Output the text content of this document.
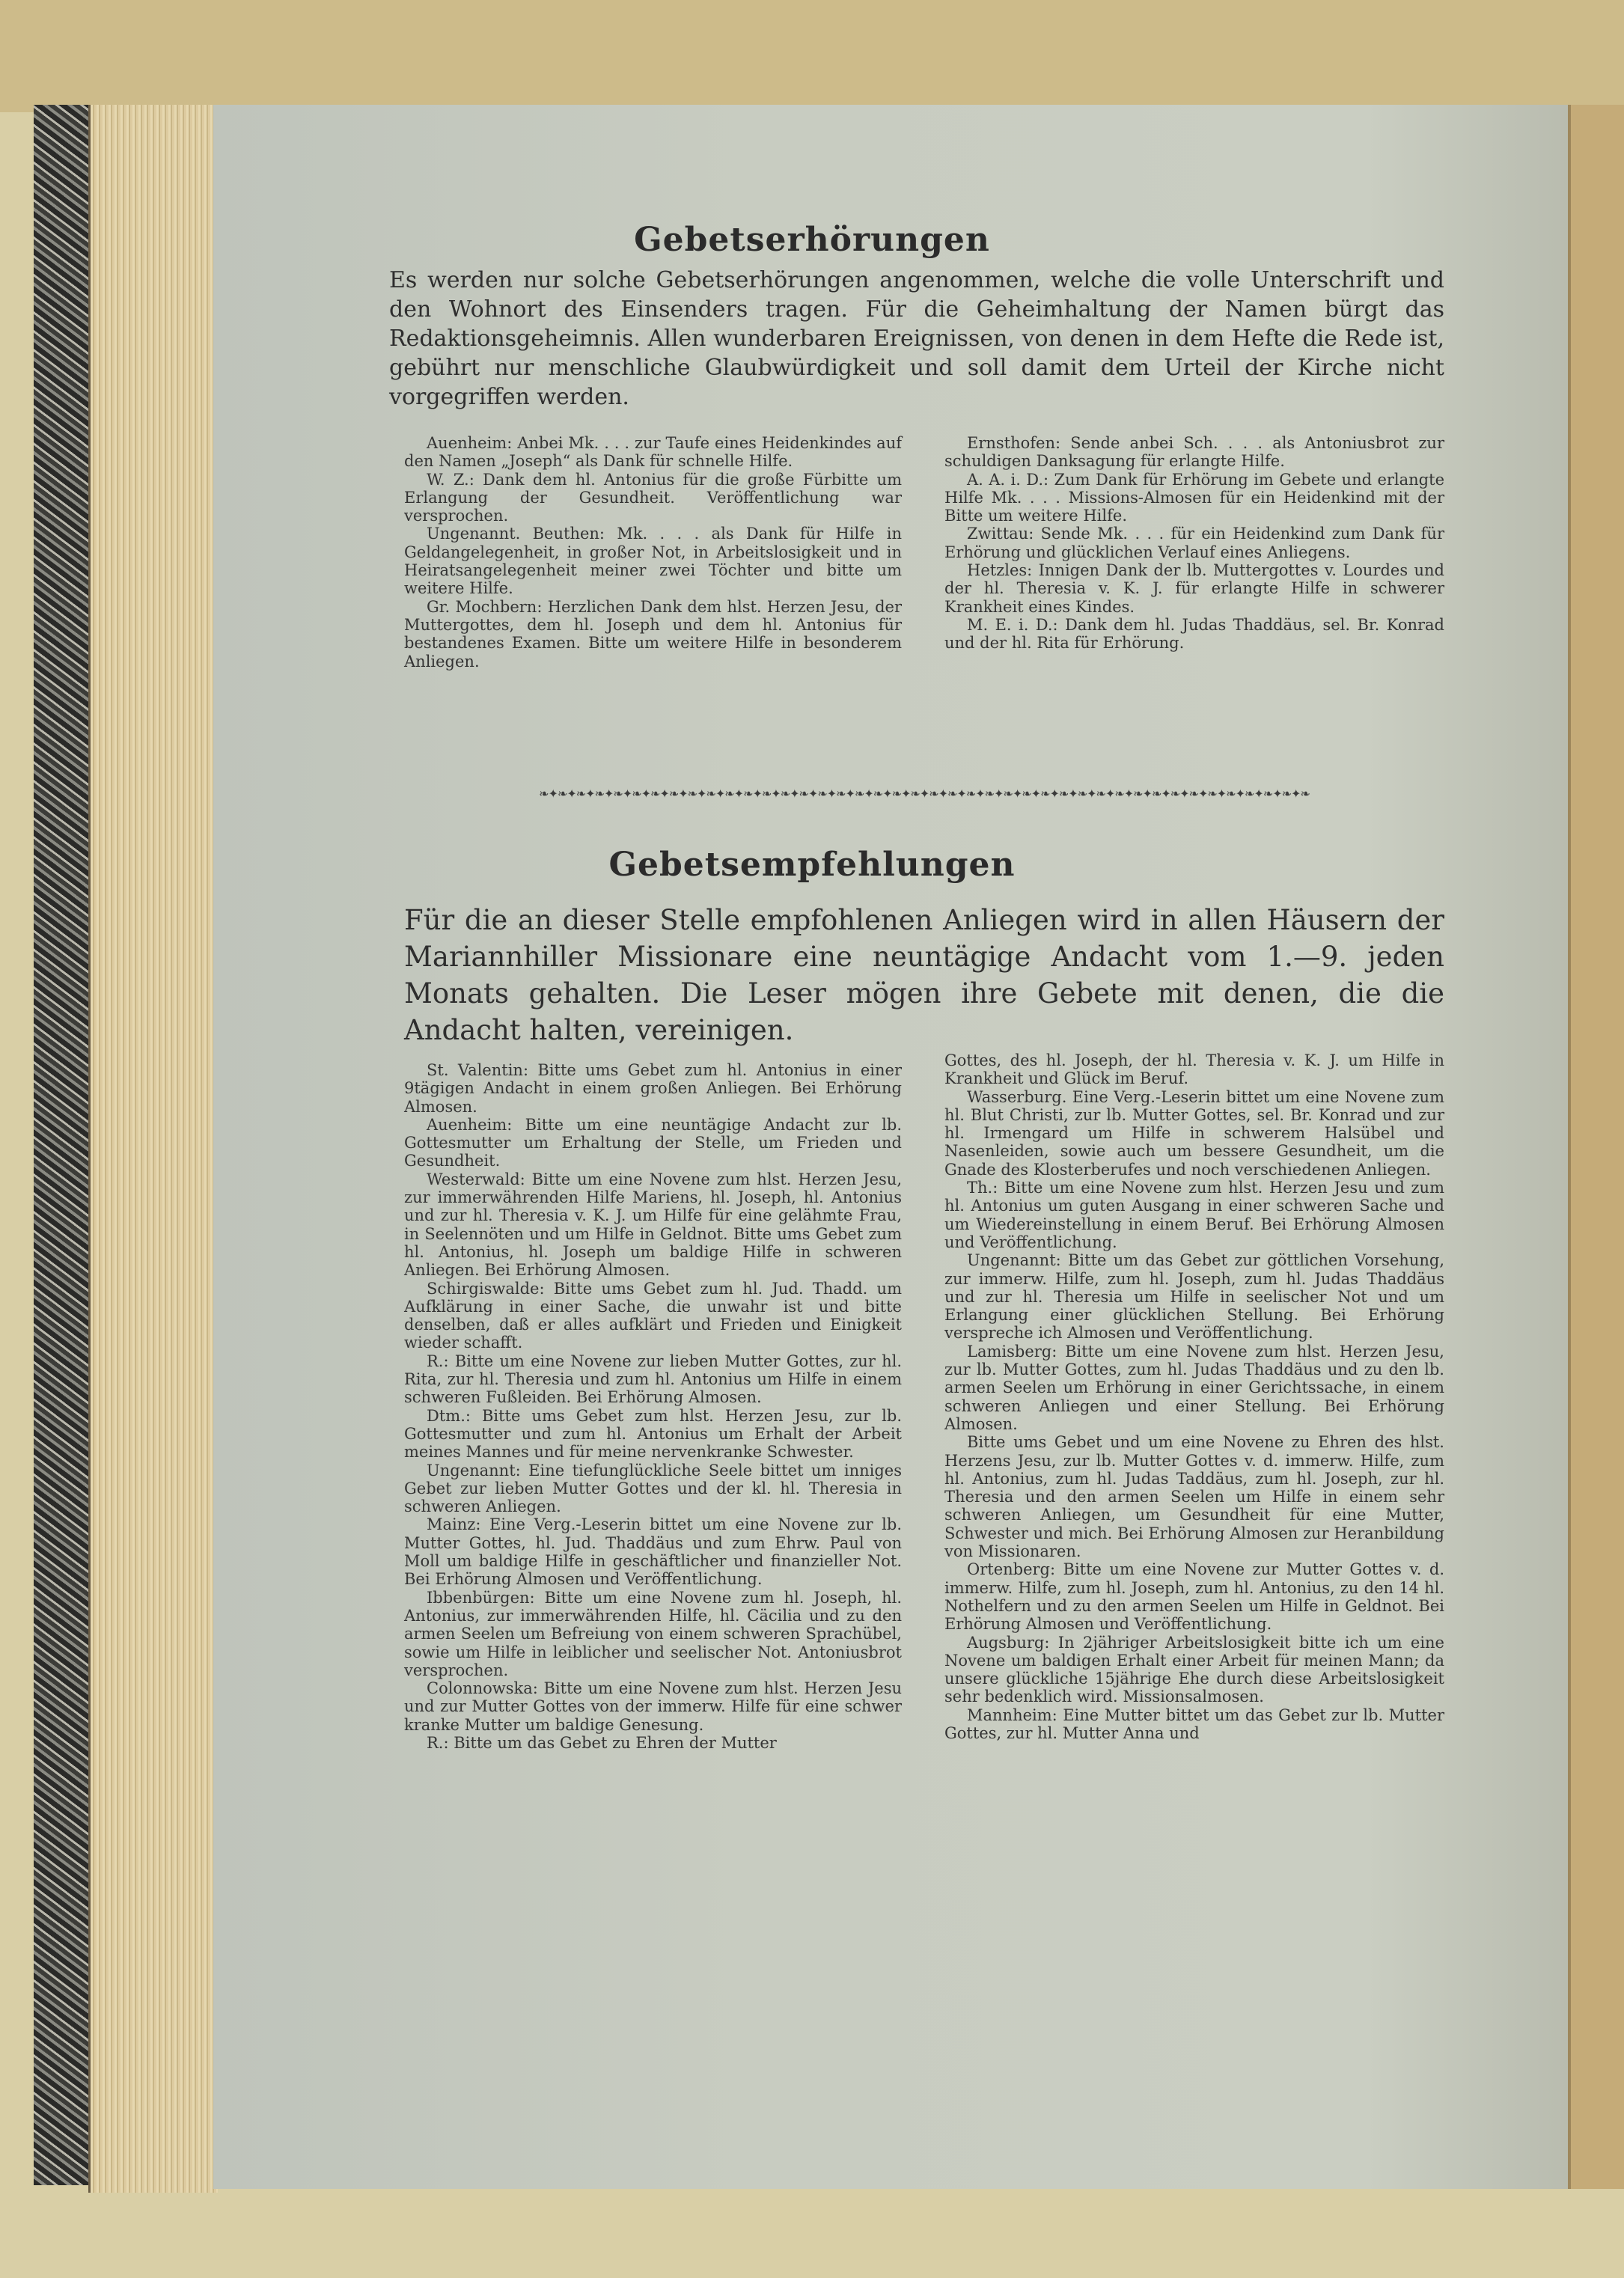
Gebetserhörungen
Es werden nur solche Gebetserhörungen angenommen, welche die volle Unterschrift und den Wohnort des Einsenders tragen. Für die Geheimhaltung der Namen bürgt das Redaktionsgeheimnis. Allen wunderbaren Ereignissen, von denen in dem Hefte die Rede ist, gebührt nur menschliche Glaubwürdigkeit und soll damit dem Urteil der Kirche nicht vorgegriffen werden.

Auenheim: Anbei Mk. . . . zur Taufe eines Heidenkindes auf den Namen „Joseph“ als Dank für schnelle Hilfe.

W. Z.: Dank dem hl. Antonius für die große Fürbitte um Erlangung der Gesundheit. Veröffentlichung war versprochen.

Ungenannt. Beuthen: Mk. . . . als Dank für Hilfe in Geldangelegenheit, in großer Not, in Arbeitslosigkeit und in Heiratsangelegenheit meiner zwei Töchter und bitte um weitere Hilfe.

Gr. Mochbern: Herzlichen Dank dem hlst. Herzen Jesu, der Muttergottes, dem hl. Joseph und dem hl. Antonius für bestandenes Examen. Bitte um weitere Hilfe in besonderem Anliegen.

Ernsthofen: Sende anbei Sch. . . . als Antoniusbrot zur schuldigen Danksagung für erlangte Hilfe.

A. A. i. D.: Zum Dank für Erhörung im Gebete und erlangte Hilfe Mk. . . . Missions-Almosen für ein Heidenkind mit der Bitte um weitere Hilfe.

Zwittau: Sende Mk. . . . für ein Heidenkind zum Dank für Erhörung und glücklichen Verlauf eines Anliegens.

Hetzles: Innigen Dank der lb. Muttergottes v. Lourdes und der hl. Theresia v. K. J. für erlangte Hilfe in schwerer Krankheit eines Kindes.

M. E. i. D.: Dank dem hl. Judas Thaddäus, sel. Br. Konrad und der hl. Rita für Erhörung.

❧✦❧✦❧✦❧✦❧✦❧✦❧✦❧✦❧✦❧✦❧✦❧✦❧✦❧✦❧✦❧✦❧✦❧✦❧✦❧✦❧✦❧✦❧✦❧✦❧✦❧✦❧✦❧✦❧✦❧✦❧✦❧✦❧✦❧✦❧✦❧✦❧✦❧✦❧✦❧✦❧✦❧
Gebetsempfehlungen
Für die an dieser Stelle empfohlenen Anliegen wird in allen Häusern der Mariannhiller Missionare eine neuntägige Andacht vom 1.—9. jeden Monats gehalten. Die Leser mögen ihre Gebete mit denen, die die Andacht halten, vereinigen.

St. Valentin: Bitte ums Gebet zum hl. Antonius in einer 9tägigen Andacht in einem großen Anliegen. Bei Erhörung Almosen.

Auenheim: Bitte um eine neuntägige Andacht zur lb. Gottesmutter um Erhaltung der Stelle, um Frieden und Gesundheit.

Westerwald: Bitte um eine Novene zum hlst. Herzen Jesu, zur immerwährenden Hilfe Mariens, hl. Joseph, hl. Antonius und zur hl. Theresia v. K. J. um Hilfe für eine gelähmte Frau, in Seelennöten und um Hilfe in Geldnot. Bitte ums Gebet zum hl. Antonius, hl. Joseph um baldige Hilfe in schweren Anliegen. Bei Erhörung Almosen.

Schirgiswalde: Bitte ums Gebet zum hl. Jud. Thadd. um Aufklärung in einer Sache, die unwahr ist und bitte denselben, daß er alles aufklärt und Frieden und Einigkeit wieder schafft.

R.: Bitte um eine Novene zur lieben Mutter Gottes, zur hl. Rita, zur hl. Theresia und zum hl. Antonius um Hilfe in einem schweren Fußleiden. Bei Erhörung Almosen.

Dtm.: Bitte ums Gebet zum hlst. Herzen Jesu, zur lb. Gottesmutter und zum hl. Antonius um Erhalt der Arbeit meines Mannes und für meine nervenkranke Schwester.

Ungenannt: Eine tiefunglückliche Seele bittet um inniges Gebet zur lieben Mutter Gottes und der kl. hl. Theresia in schweren Anliegen.

Mainz: Eine Verg.-Leserin bittet um eine Novene zur lb. Mutter Gottes, hl. Jud. Thaddäus und zum Ehrw. Paul von Moll um baldige Hilfe in geschäftlicher und finanzieller Not. Bei Erhörung Almosen und Veröffentlichung.

Ibbenbürgen: Bitte um eine Novene zum hl. Joseph, hl. Antonius, zur immerwährenden Hilfe, hl. Cäcilia und zu den armen Seelen um Befreiung von einem schweren Sprachübel, sowie um Hilfe in leiblicher und seelischer Not. Antoniusbrot versprochen.

Colonnowska: Bitte um eine Novene zum hlst. Herzen Jesu und zur Mutter Gottes von der immerw. Hilfe für eine schwer kranke Mutter um baldige Genesung.

R.: Bitte um das Gebet zu Ehren der Mutter

Gottes, des hl. Joseph, der hl. Theresia v. K. J. um Hilfe in Krankheit und Glück im Beruf.

Wasserburg. Eine Verg.-Leserin bittet um eine Novene zum hl. Blut Christi, zur lb. Mutter Gottes, sel. Br. Konrad und zur hl. Irmengard um Hilfe in schwerem Halsübel und Nasenleiden, sowie auch um bessere Gesundheit, um die Gnade des Klosterberufes und noch verschiedenen Anliegen.

Th.: Bitte um eine Novene zum hlst. Herzen Jesu und zum hl. Antonius um guten Ausgang in einer schweren Sache und um Wiedereinstellung in einem Beruf. Bei Erhörung Almosen und Veröffentlichung.

Ungenannt: Bitte um das Gebet zur göttlichen Vorsehung, zur immerw. Hilfe, zum hl. Joseph, zum hl. Judas Thaddäus und zur hl. Theresia um Hilfe in seelischer Not und um Erlangung einer glücklichen Stellung. Bei Erhörung verspreche ich Almosen und Veröffentlichung.

Lamisberg: Bitte um eine Novene zum hlst. Herzen Jesu, zur lb. Mutter Gottes, zum hl. Judas Thaddäus und zu den lb. armen Seelen um Erhörung in einer Gerichtssache, in einem schweren Anliegen und einer Stellung. Bei Erhörung Almosen.

Bitte ums Gebet und um eine Novene zu Ehren des hlst. Herzens Jesu, zur lb. Mutter Gottes v. d. immerw. Hilfe, zum hl. Antonius, zum hl. Judas Taddäus, zum hl. Joseph, zur hl. Theresia und den armen Seelen um Hilfe in einem sehr schweren Anliegen, um Gesundheit für eine Mutter, Schwester und mich. Bei Erhörung Almosen zur Heranbildung von Missionaren.

Ortenberg: Bitte um eine Novene zur Mutter Gottes v. d. immerw. Hilfe, zum hl. Joseph, zum hl. Antonius, zu den 14 hl. Nothelfern und zu den armen Seelen um Hilfe in Geldnot. Bei Erhörung Almosen und Veröffentlichung.

Augsburg: In 2jähriger Arbeitslosigkeit bitte ich um eine Novene um baldigen Erhalt einer Arbeit für meinen Mann; da unsere glückliche 15jährige Ehe durch diese Arbeitslosigkeit sehr bedenklich wird. Missionsalmosen.

Mannheim: Eine Mutter bittet um das Gebet zur lb. Mutter Gottes, zur hl. Mutter Anna und
